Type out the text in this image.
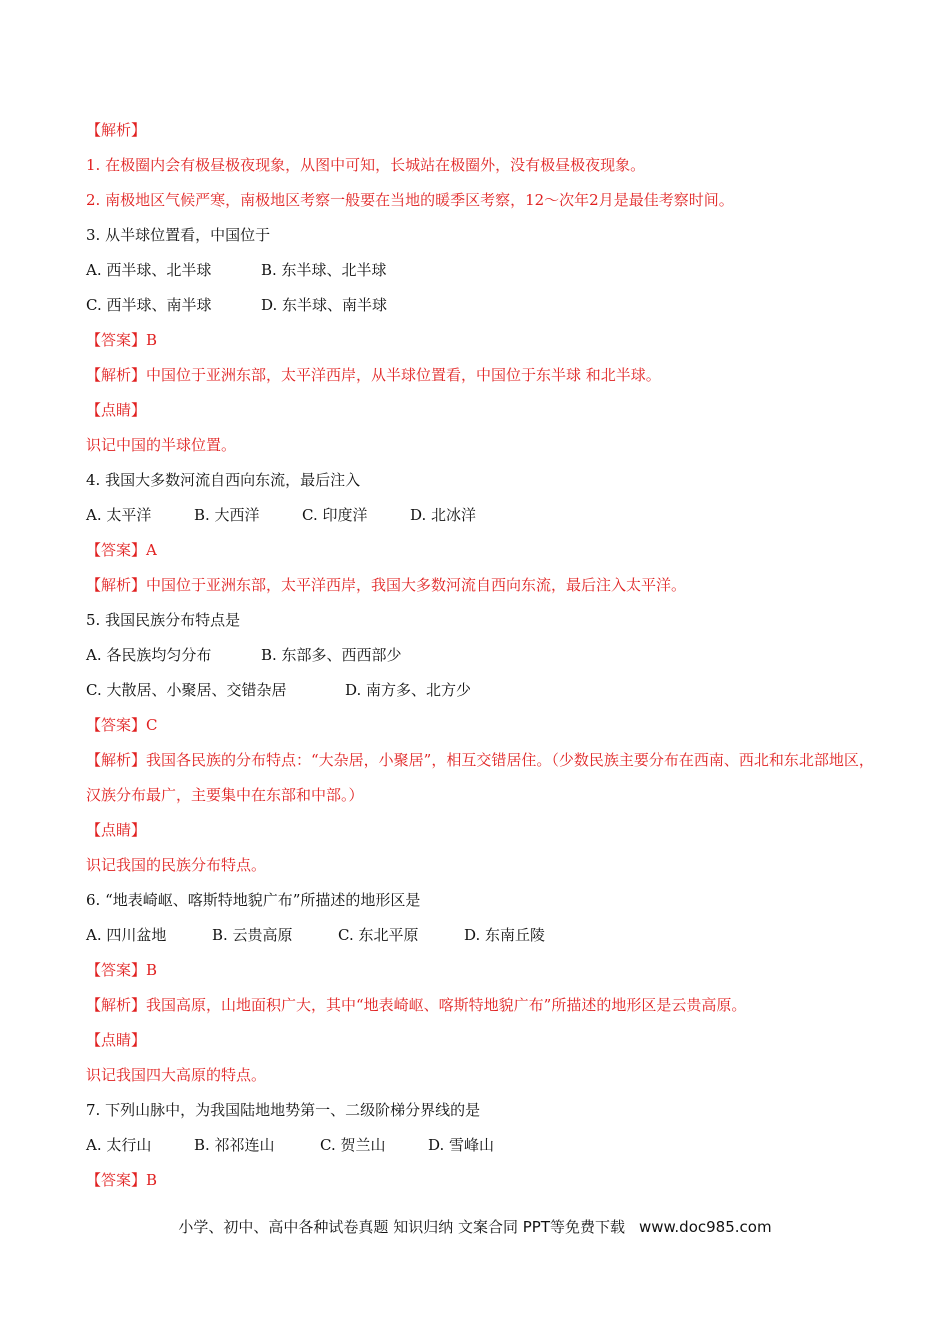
【解析】
1. 在极圈内会有极昼极夜现象，从图中可知，长城站在极圈外，没有极昼极夜现象。
2. 南极地区气候严寒，南极地区考察一般要在当地的暖季区考察，12～次年2月是最佳考察时间。
3. 从半球位置看，中国位于
A. 西半球、北半球	B. 东半球、北半球
C. 西半球、南半球	D. 东半球、南半球
【答案】B
【解析】中国位于亚洲东部，太平洋西岸，从半球位置看，中国位于东半球 和北半球。
【点睛】
识记中国的半球位置。
4. 我国大多数河流自西向东流，最后注入
A. 太平洋	B. 大西洋	C. 印度洋	D. 北冰洋
【答案】A
【解析】中国位于亚洲东部，太平洋西岸，我国大多数河流自西向东流，最后注入太平洋。
5. 我国民族分布特点是
A. 各民族均匀分布	B. 东部多、西西部少
C. 大散居、小聚居、交错杂居	D. 南方多、北方少
【答案】C
【解析】我国各民族的分布特点：“大杂居，小聚居”，相互交错居住。（少数民族主要分布在西南、西北和东北部地区，汉族分布最广，主要集中在东部和中部。）
【点睛】
识记我国的民族分布特点。
6. “地表崎岖、喀斯特地貌广布”所描述的地形区是
A. 四川盆地	B. 云贵高原	C. 东北平原	D. 东南丘陵
【答案】B
【解析】我国高原，山地面积广大，其中“地表崎岖、喀斯特地貌广布”所描述的地形区是云贵高原。
【点睛】
识记我国四大高原的特点。
7. 下列山脉中，为我国陆地地势第一、二级阶梯分界线的是
A. 太行山	B. 祁祁连山	C. 贺兰山	D. 雪峰山
【答案】B
小学、初中、高中各种试卷真题 知识归纳 文案合同 PPT等免费下载 www.doc985.com
